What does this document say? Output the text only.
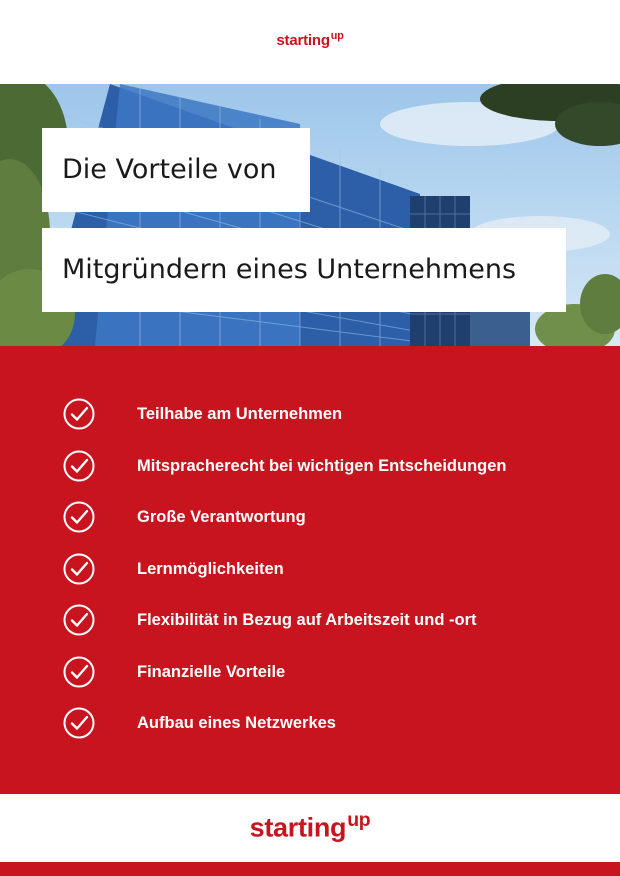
starting$^{up}$
Die Vorteile von
Mitgründern eines Unternehmens
Teilhabe am Unternehmen
Mitspracherecht bei wichtigen Entscheidungen
Große Verantwortung
Lernmöglichkeiten
Flexibilität in Bezug auf Arbeitszeit und -ort
Finanzielle Vorteile
Aufbau eines Netzwerkes
starting$^{up}$
